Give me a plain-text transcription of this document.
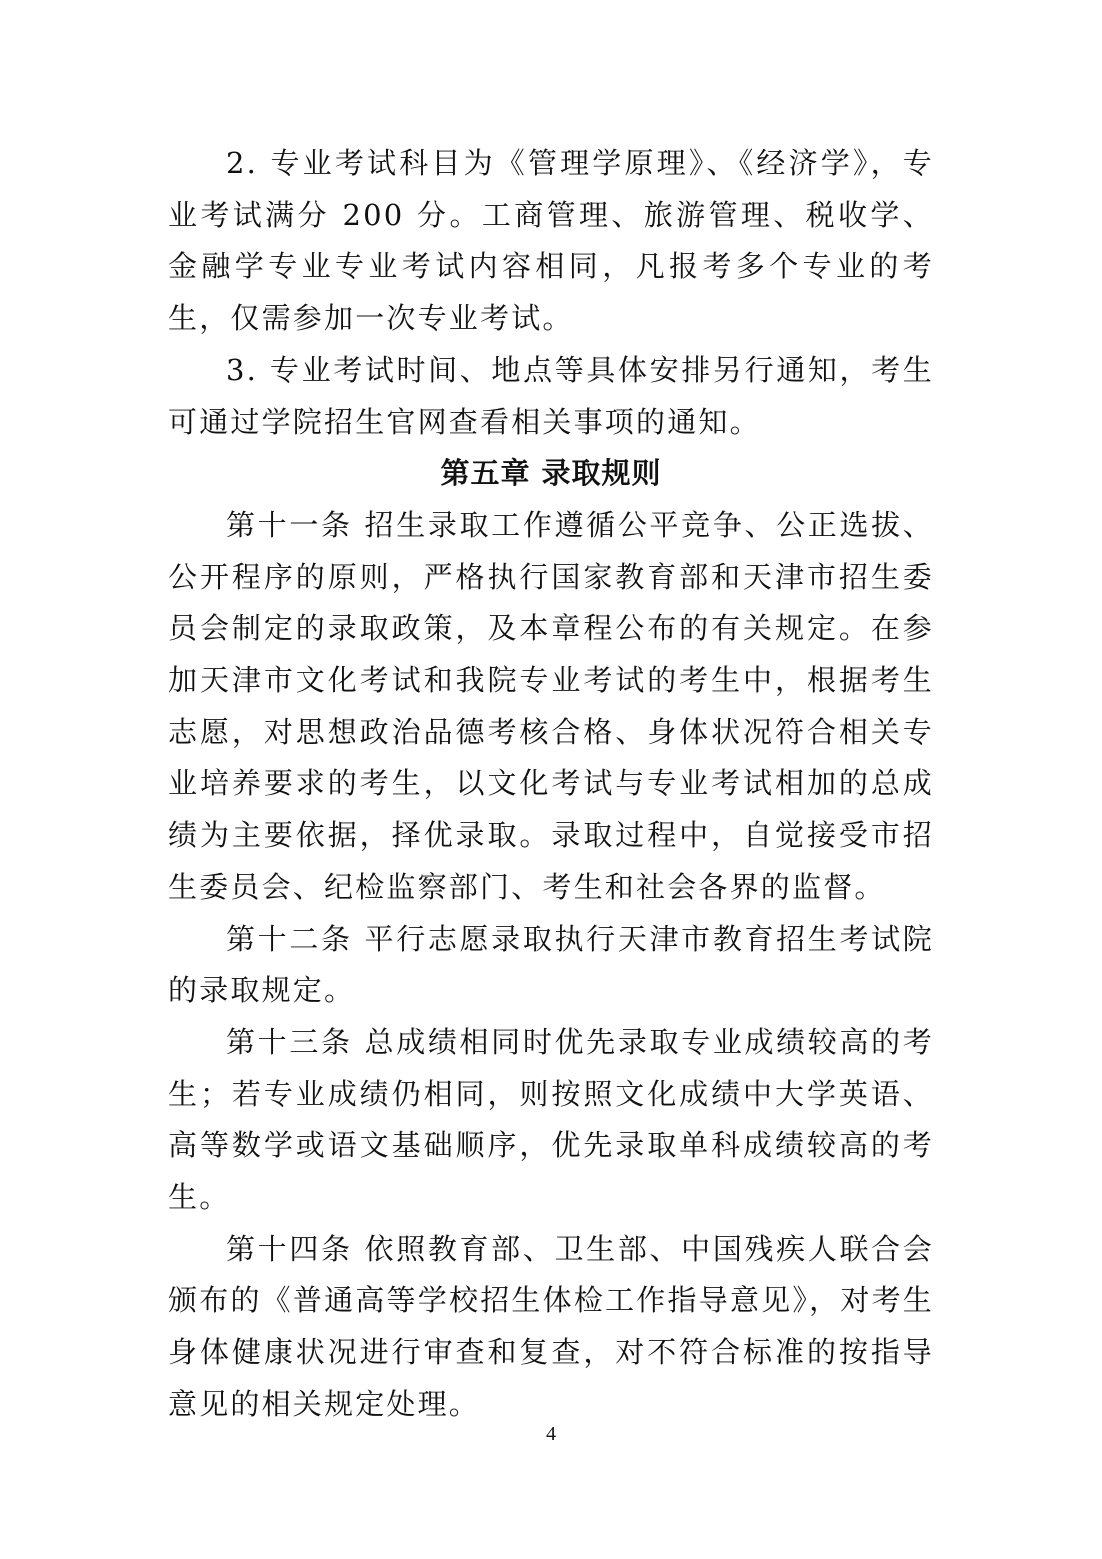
2. 专业考试科目为《管理学原理》、《经济学》，专业考试满分 200 分。工商管理、旅游管理、税收学、金融学专业专业考试内容相同，凡报考多个专业的考生，仅需参加一次专业考试。

3. 专业考试时间、地点等具体安排另行通知，考生可通过学院招生官网查看相关事项的通知。

第五章 录取规则

第十一条 招生录取工作遵循公平竞争、公正选拔、公开程序的原则，严格执行国家教育部和天津市招生委员会制定的录取政策，及本章程公布的有关规定。在参加天津市文化考试和我院专业考试的考生中，根据考生志愿，对思想政治品德考核合格、身体状况符合相关专业培养要求的考生，以文化考试与专业考试相加的总成绩为主要依据，择优录取。录取过程中，自觉接受市招生委员会、纪检监察部门、考生和社会各界的监督。

第十二条 平行志愿录取执行天津市教育招生考试院的录取规定。

第十三条 总成绩相同时优先录取专业成绩较高的考生；若专业成绩仍相同，则按照文化成绩中大学英语、高等数学或语文基础顺序，优先录取单科成绩较高的考生。

第十四条 依照教育部、卫生部、中国残疾人联合会颁布的《普通高等学校招生体检工作指导意见》，对考生身体健康状况进行审查和复查，对不符合标准的按指导意见的相关规定处理。

4
